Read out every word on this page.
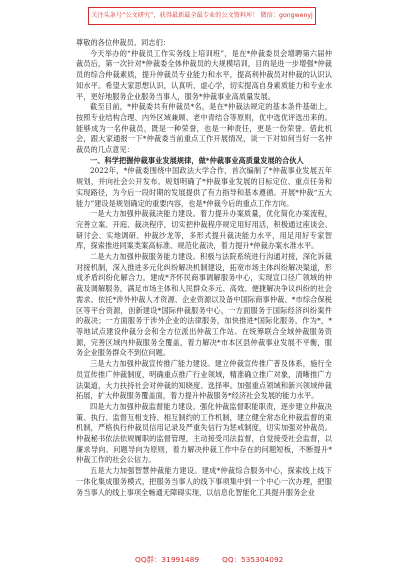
关注头条号“公文研究”，获得最新最全最专业的公文资料库！ 微信：gongwenyj

尊敬的各位仲裁员、同志们：

今天举办的“仲裁员工作实务线上培训班”，是在*仲裁委员会增聘第六届仲裁员后，第一次针对*仲裁委全体仲裁员的大规模培训，目的是进一步增强*仲裁员的综合仲裁素质，提升仲裁员专业能力和水平，提高利仲裁员对仲裁的认识认知水平。希望大家思想认识，认真听，虚心学，切实提高自身素质能力和专业水平，更好地服务企业服务当事人，服务*仲裁事业高质量发展。

截至目前，*仲裁委共有仲裁员*名，是在*仲裁法规定的基本条件基础上，按照专业结构合理、内外区域兼顾、老中青结合等原则，优中选优评选出来的。能够成为一名仲裁员，既是一种荣誉，也是一种责任，更是一份荣誉。借此机会，跟大家通报一下*仲裁委当前重点工作开展情况，谈一下对如何当好一名仲裁员的几点意见：

一、科学把握仲裁事业发展规律，做*仲裁事业高质量发展的合伙人

2022年，*仲裁委围绕中国政法大学合作，首次编制了*仲裁事业发展五年规划，并向社会公开发布。规划明确了*仲裁事业发展的目标定位、重点任务和实现路径，为今后一段时期的发展提供了有力指导和基本遵循。开展*仲裁“五大能力”建设是规划确定的重要内容，也是*仲裁今后的重点工作方向。

一是大力加强仲裁裁决能力建设。着力提升办案质量，优化简化办案流程，完善立案、开庭、裁决程序，切实把仲裁程序规定用好用活，积极通过座谈会、研讨会、实地调研、仲裁沙龙等，多形式提升裁决能力水平，用足用好专家智库，探索推进同案类案高标准、规范化裁决，着力提升*仲裁办案水准水平。

二是大力加强仲裁服务能力建设。积极与法院系统进行沟通对接，深化诉裁对接机制，深入推进多元化纠纷解决机制建设，拓宽市场主体纠纷解决渠道，形成矛盾纠纷化解合力。建成*齐怀民商事调解服务中心，实现宣口径广领域的仲裁及调解服务，满足市场主体和人民群众多元、高效、便捷解决争议纠纷的社会需求。依托*涉外仲裁人才资源、企业资源以及备中国际商事仲裁、*市综合保税区等平台资源，创新建设*国际仲裁服务中心，一方面服务于国际经济纠纷案件的裁决；一方面服务于涉外企业的法律服务，加快推进*国际化服务，作为*，*等地试点建设仲裁分会和全方位派出仲裁工作站。在统筹联合全域仲裁服务资源，完善区域内仲裁服务全覆盖，着力解决*市本区县仲裁事业发展不平衡，服务企业服务群众不到位问题。

三是大力加强仲裁宣传推广能力建设。建立仲裁宣传推广普及体系，施行全员宣传推广仲裁制度，明确重点推广行业领域，精准确立推广对象，清晰推广方法渠道，大力扶持社会对仲裁的知晓度、选择率。加强重点领域和新兴领域仲裁拓展，扩大仲裁服务覆盖面，着力提升仲裁服务*经济社会发展的能力水平。

四是大力加强仲裁监督能力建设。强化仲裁监督职能职责，逐步建立仲裁决策、执行、监督互相支持、相互制约的工作机制，建立健全常态化仲裁监督的束机制，严格执行仲裁员信用记录及严重失信行为惩戒制度，切实加强对仲裁员。仲裁秘书依法依规履职的监督管理，主动接受司法监督，自觉接受社会监督，以廉求导向、问题导向为原则，着力解决仲裁工作中存在的问题短板，不断提升*仲裁工作的社会公信力。

五是大力加强智慧仲裁能力建设。建成*仲裁综合服务中心，探索线上线下一体化集成服务模式，把服务当事人的线下事项集中到一个中心一次办理，把服务当事人的线上事项全畅通无障碍实现，以信息化智能化工具提升服务企业

QQ群：31991489	QQ：535304092
